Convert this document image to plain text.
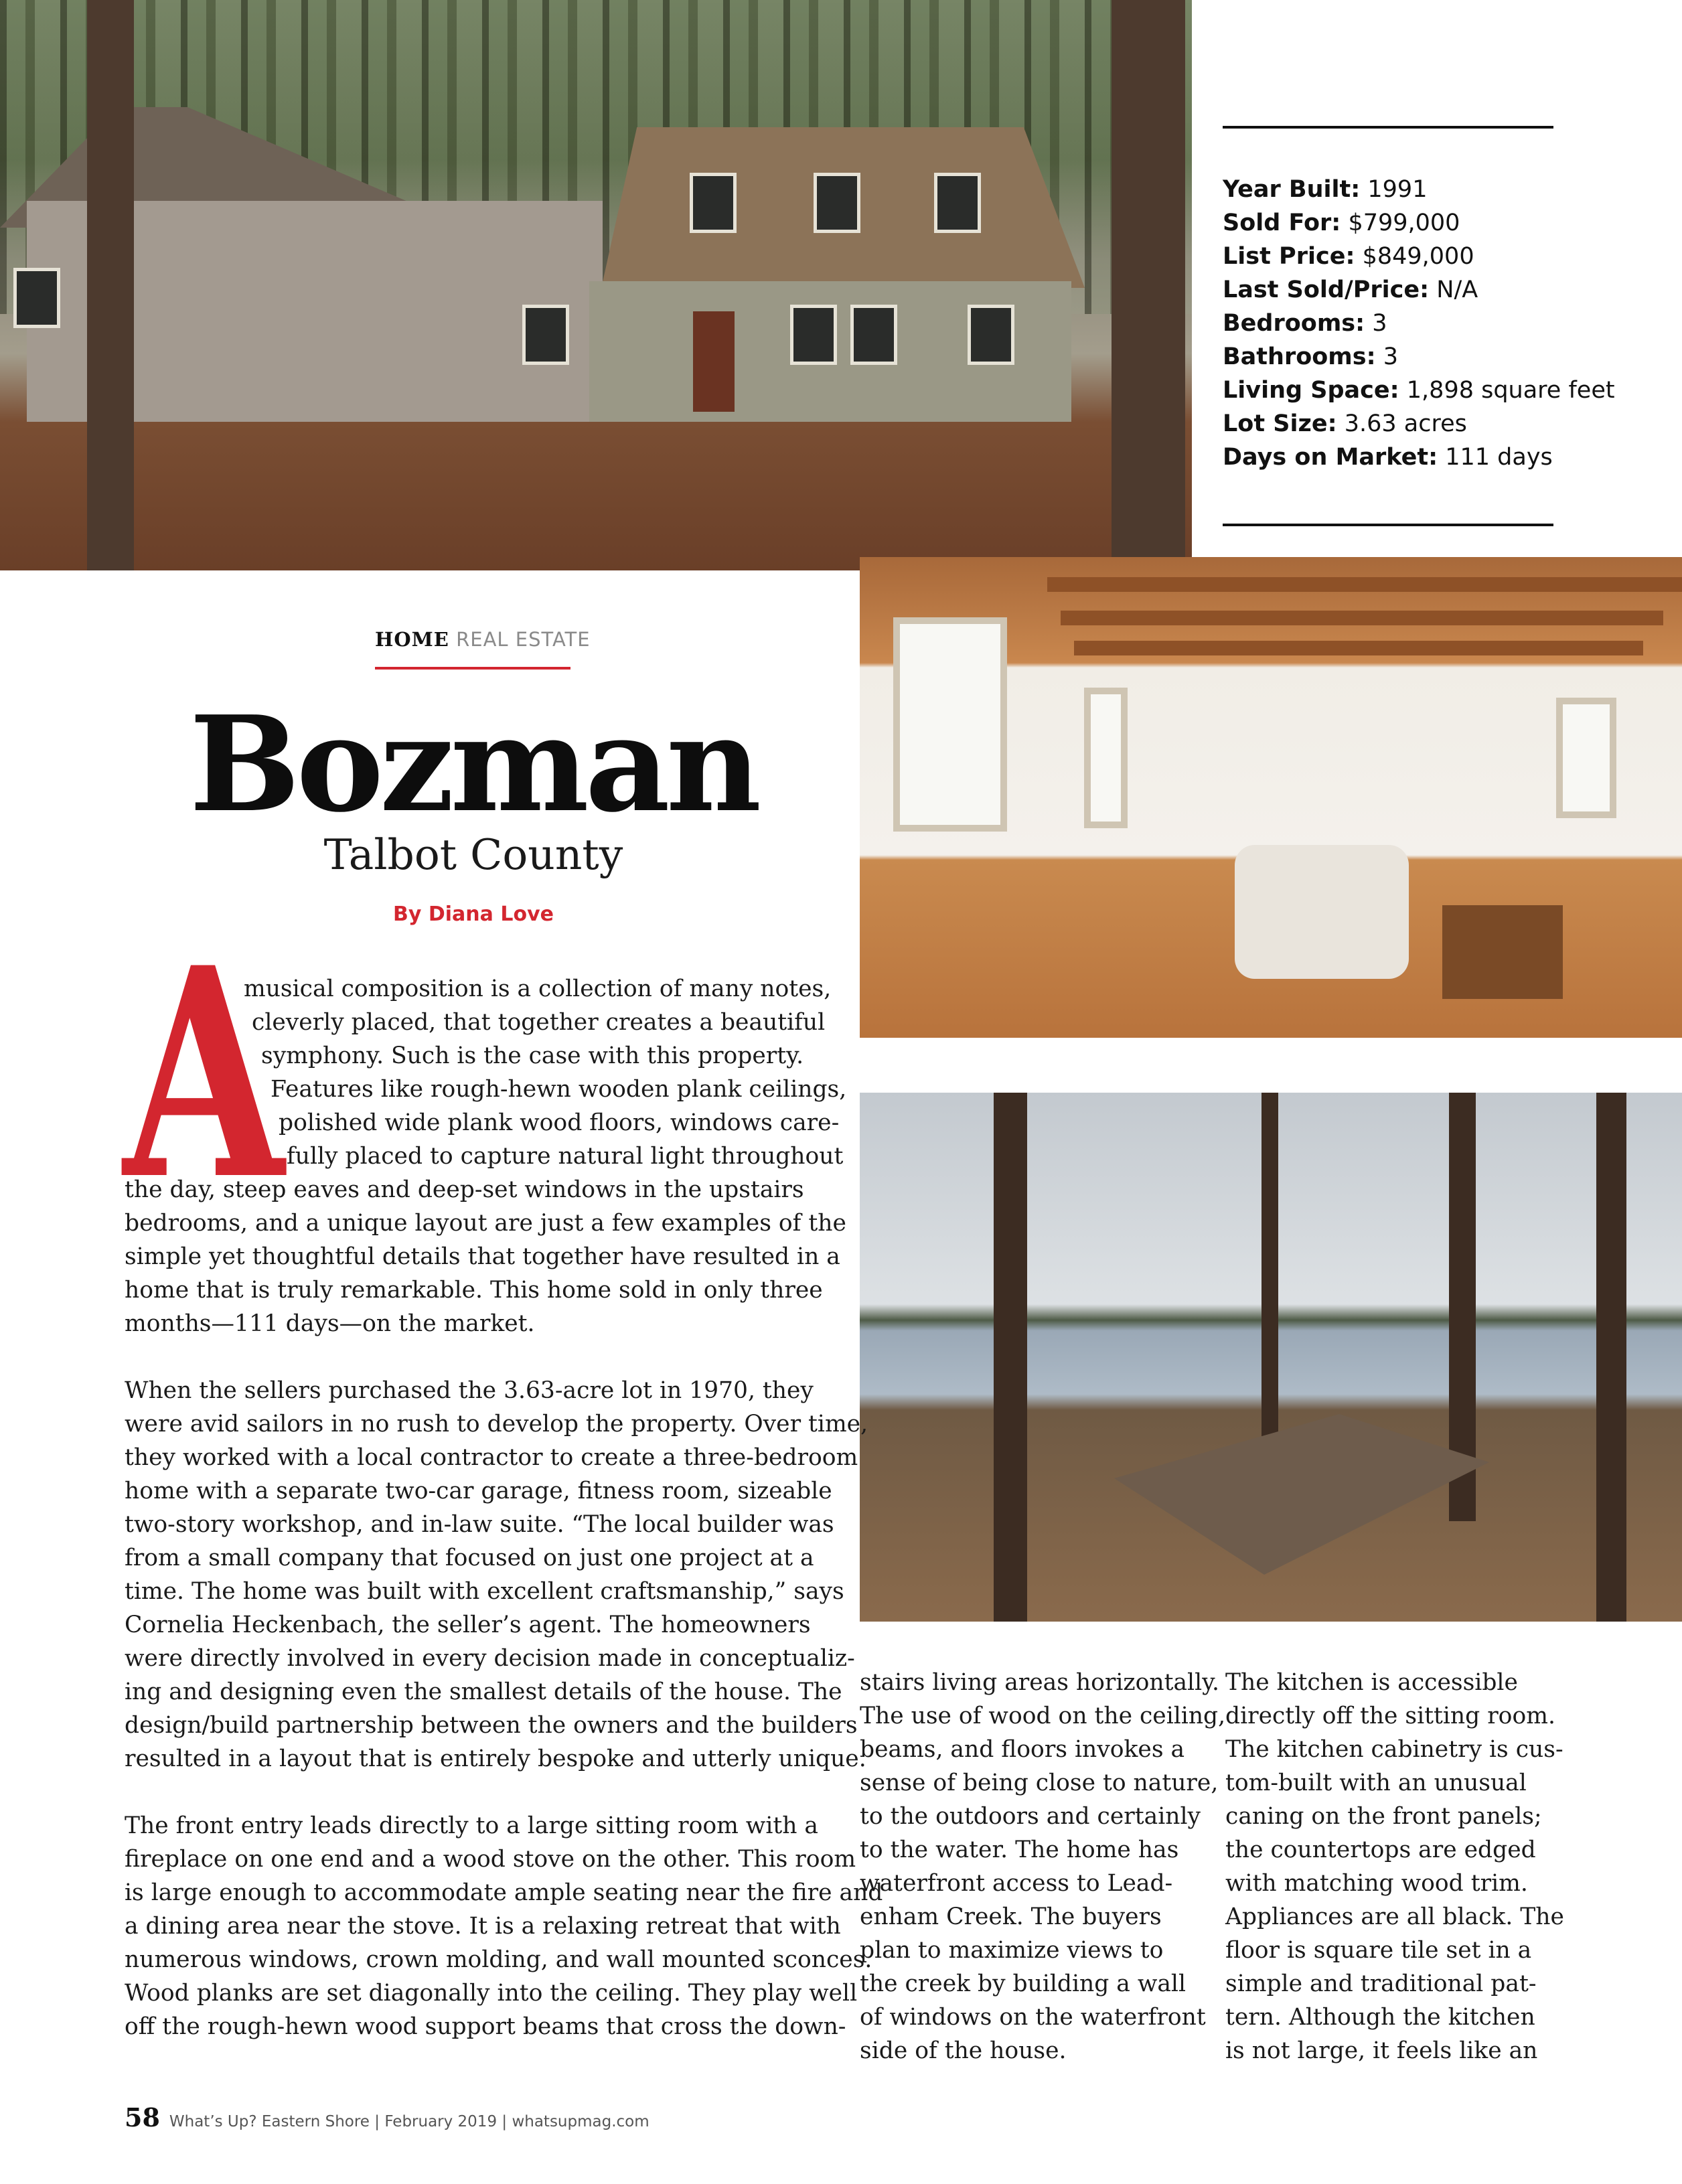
Year Built: 1991
Sold For: $799,000
List Price: $849,000
Last Sold/Price: N/A
Bedrooms: 3
Bathrooms: 3
Living Space: 1,898 square feet
Lot Size: 3.63 acres
Days on Market: 111 days
HOME REAL ESTATE
Bozman
Talbot County
By Diana Love
A
musical composition is a collection of many notes,
cleverly placed, that together creates a beautiful
symphony. Such is the case with this property.
Features like rough-hewn wooden plank ceilings,
polished wide plank wood floors, windows care-
fully placed to capture natural light throughout
the day, steep eaves and deep-set windows in the upstairs
bedrooms, and a unique layout are just a few examples of the
simple yet thoughtful details that together have resulted in a
home that is truly remarkable. This home sold in only three
months—111 days—on the market.
When the sellers purchased the 3.63-acre lot in 1970, they
were avid sailors in no rush to develop the property. Over time,
they worked with a local contractor to create a three-bedroom
home with a separate two-car garage, fitness room, sizeable
two-story workshop, and in-law suite. “The local builder was
from a small company that focused on just one project at a
time. The home was built with excellent craftsmanship,” says
Cornelia Heckenbach, the seller’s agent. The homeowners
were directly involved in every decision made in conceptualiz-
ing and designing even the smallest details of the house. The
design/build partnership between the owners and the builders
resulted in a layout that is entirely bespoke and utterly unique.
The front entry leads directly to a large sitting room with a
fireplace on one end and a wood stove on the other. This room
is large enough to accommodate ample seating near the fire and
a dining area near the stove. It is a relaxing retreat that with
numerous windows, crown molding, and wall mounted sconces.
Wood planks are set diagonally into the ceiling. They play well
off the rough-hewn wood support beams that cross the down-
stairs living areas horizontally.
The use of wood on the ceiling,
beams, and floors invokes a
sense of being close to nature,
to the outdoors and certainly
to the water. The home has
waterfront access to Lead-
enham Creek. The buyers
plan to maximize views to
the creek by building a wall
of windows on the waterfront
side of the house.
The kitchen is accessible
directly off the sitting room.
The kitchen cabinetry is cus-
tom-built with an unusual
caning on the front panels;
the countertops are edged
with matching wood trim.
Appliances are all black. The
floor is square tile set in a
simple and traditional pat-
tern. Although the kitchen
is not large, it feels like an
58 What’s Up? Eastern Shore | February 2019 | whatsupmag.com
